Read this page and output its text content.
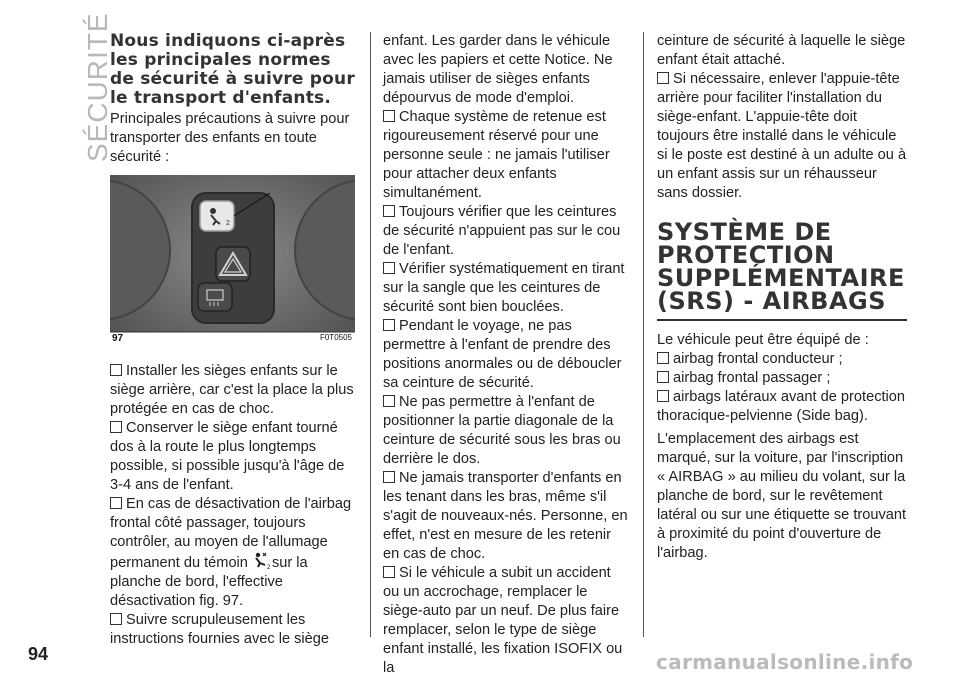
SÉCURITÉ
Nous indiquons ci-après les principales normes de sécurité à suivre pour le transport d'enfants.

Principales précautions à suivre pour transporter des enfants en toute sécurité :

2
97	F0T0505

Installer les sièges enfants sur le siège arrière, car c'est la place la plus protégée en cas de choc.

Conserver le siège enfant tourné dos à la route le plus longtemps possible, si possible jusqu'à l'âge de 3-4 ans de l'enfant.

En cas de désactivation de l'airbag frontal côté passager, toujours contrôler, au moyen de l'allumage permanent du témoin	2 sur la planche de bord, l'effective désactivation fig. 97.

Suivre scrupuleusement les instructions fournies avec le siège

enfant. Les garder dans le véhicule avec les papiers et cette Notice. Ne jamais utiliser de sièges enfants dépourvus de mode d'emploi.

Chaque système de retenue est rigoureusement réservé pour une personne seule : ne jamais l'utiliser pour attacher deux enfants simultanément.

Toujours vérifier que les ceintures de sécurité n'appuient pas sur le cou de l'enfant.

Vérifier systématiquement en tirant sur la sangle que les ceintures de sécurité sont bien bouclées.

Pendant le voyage, ne pas permettre à l'enfant de prendre des positions anormales ou de déboucler sa ceinture de sécurité.

Ne pas permettre à l'enfant de positionner la partie diagonale de la ceinture de sécurité sous les bras ou derrière le dos.

Ne jamais transporter d'enfants en les tenant dans les bras, même s'il s'agit de nouveaux-nés. Personne, en effet, n'est en mesure de les retenir en cas de choc.

Si le véhicule a subit un accident ou un accrochage, remplacer le siège-auto par un neuf. De plus faire remplacer, selon le type de siège enfant installé, les fixation ISOFIX ou la

ceinture de sécurité à laquelle le siège enfant était attaché.

Si nécessaire, enlever l'appuie-tête arrière pour faciliter l'installation du siège-enfant. L'appuie-tête doit toujours être installé dans le véhicule si le poste est destiné à un adulte ou à un enfant assis sur un réhausseur sans dossier.

SYSTÈME DE PROTECTION SUPPLÉMENTAIRE (SRS) - AIRBAGS

Le véhicule peut être équipé de :

airbag frontal conducteur ;

airbag frontal passager ;

airbags latéraux avant de protection thoracique-pelvienne (Side bag).

L'emplacement des airbags est marqué, sur la voiture, par l'inscription « AIRBAG » au milieu du volant, sur la planche de bord, sur le revêtement latéral ou sur une étiquette se trouvant à proximité du point d'ouverture de l'airbag.

94	carmanualsonline.info
